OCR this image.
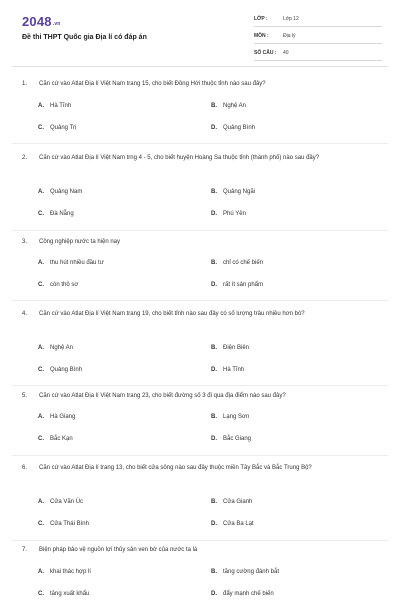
2048.vn
Đề thi THPT Quốc gia Địa lí có đáp án
LỚP :	Lớp 12
MÔN :	Địa lý
SỐ CÂU :	40
1. Căn cứ vào Atlat Địa lí Việt Nam trang 15, cho biết Đồng Hới thuộc tỉnh nào sau đây?
A. Hà Tĩnh	B. Nghệ An
C. Quảng Trị	D. Quảng Bình
2. Căn cứ vào Atlat Địa lí Việt Nam trng 4 - 5, cho biết huyện Hoàng Sa thuộc tỉnh (thành phố) nào sau đây?
A. Quảng Nam	B. Quảng Ngãi
C. Đà Nẵng	D. Phú Yên
3. Công nghiệp nước ta hiện nay
A. thu hút nhiều đầu tư	B. chỉ có chế biến
C. còn thô sơ	D. rất ít sản phẩm
4. Căn cứ vào Atlat Địa lí Việt Nam trang 19, cho biết tỉnh nào sau đây có số lượng trâu nhiều hơn bò?
A. Nghệ An	B. Điện Biên
C. Quảng Bình	D. Hà Tĩnh
5. Căn cứ vào Atlat Địa lí Việt Nam trang 23, cho biết đường số 3 đi qua địa điểm nào sau đây?
A. Hà Giang	B. Lạng Sơn
C. Bắc Kạn	D. Bắc Giang
6. Căn cứ vào Atlat Địa lí trang 13, cho biết cửa sông nào sau đây thuộc miền Tây Bắc và Bắc Trung Bộ?
A. Cửa Văn Úc	B. Cửa Gianh
C. Cửa Thái Bình	D. Cửa Ba Lạt
7. Biện pháp bảo vệ nguồn lợi thủy sản ven bờ của nước ta là
A. khai thác hợp lí	B. tăng cường đánh bắt
C. tăng xuất khẩu	D. đẩy mạnh chế biến
